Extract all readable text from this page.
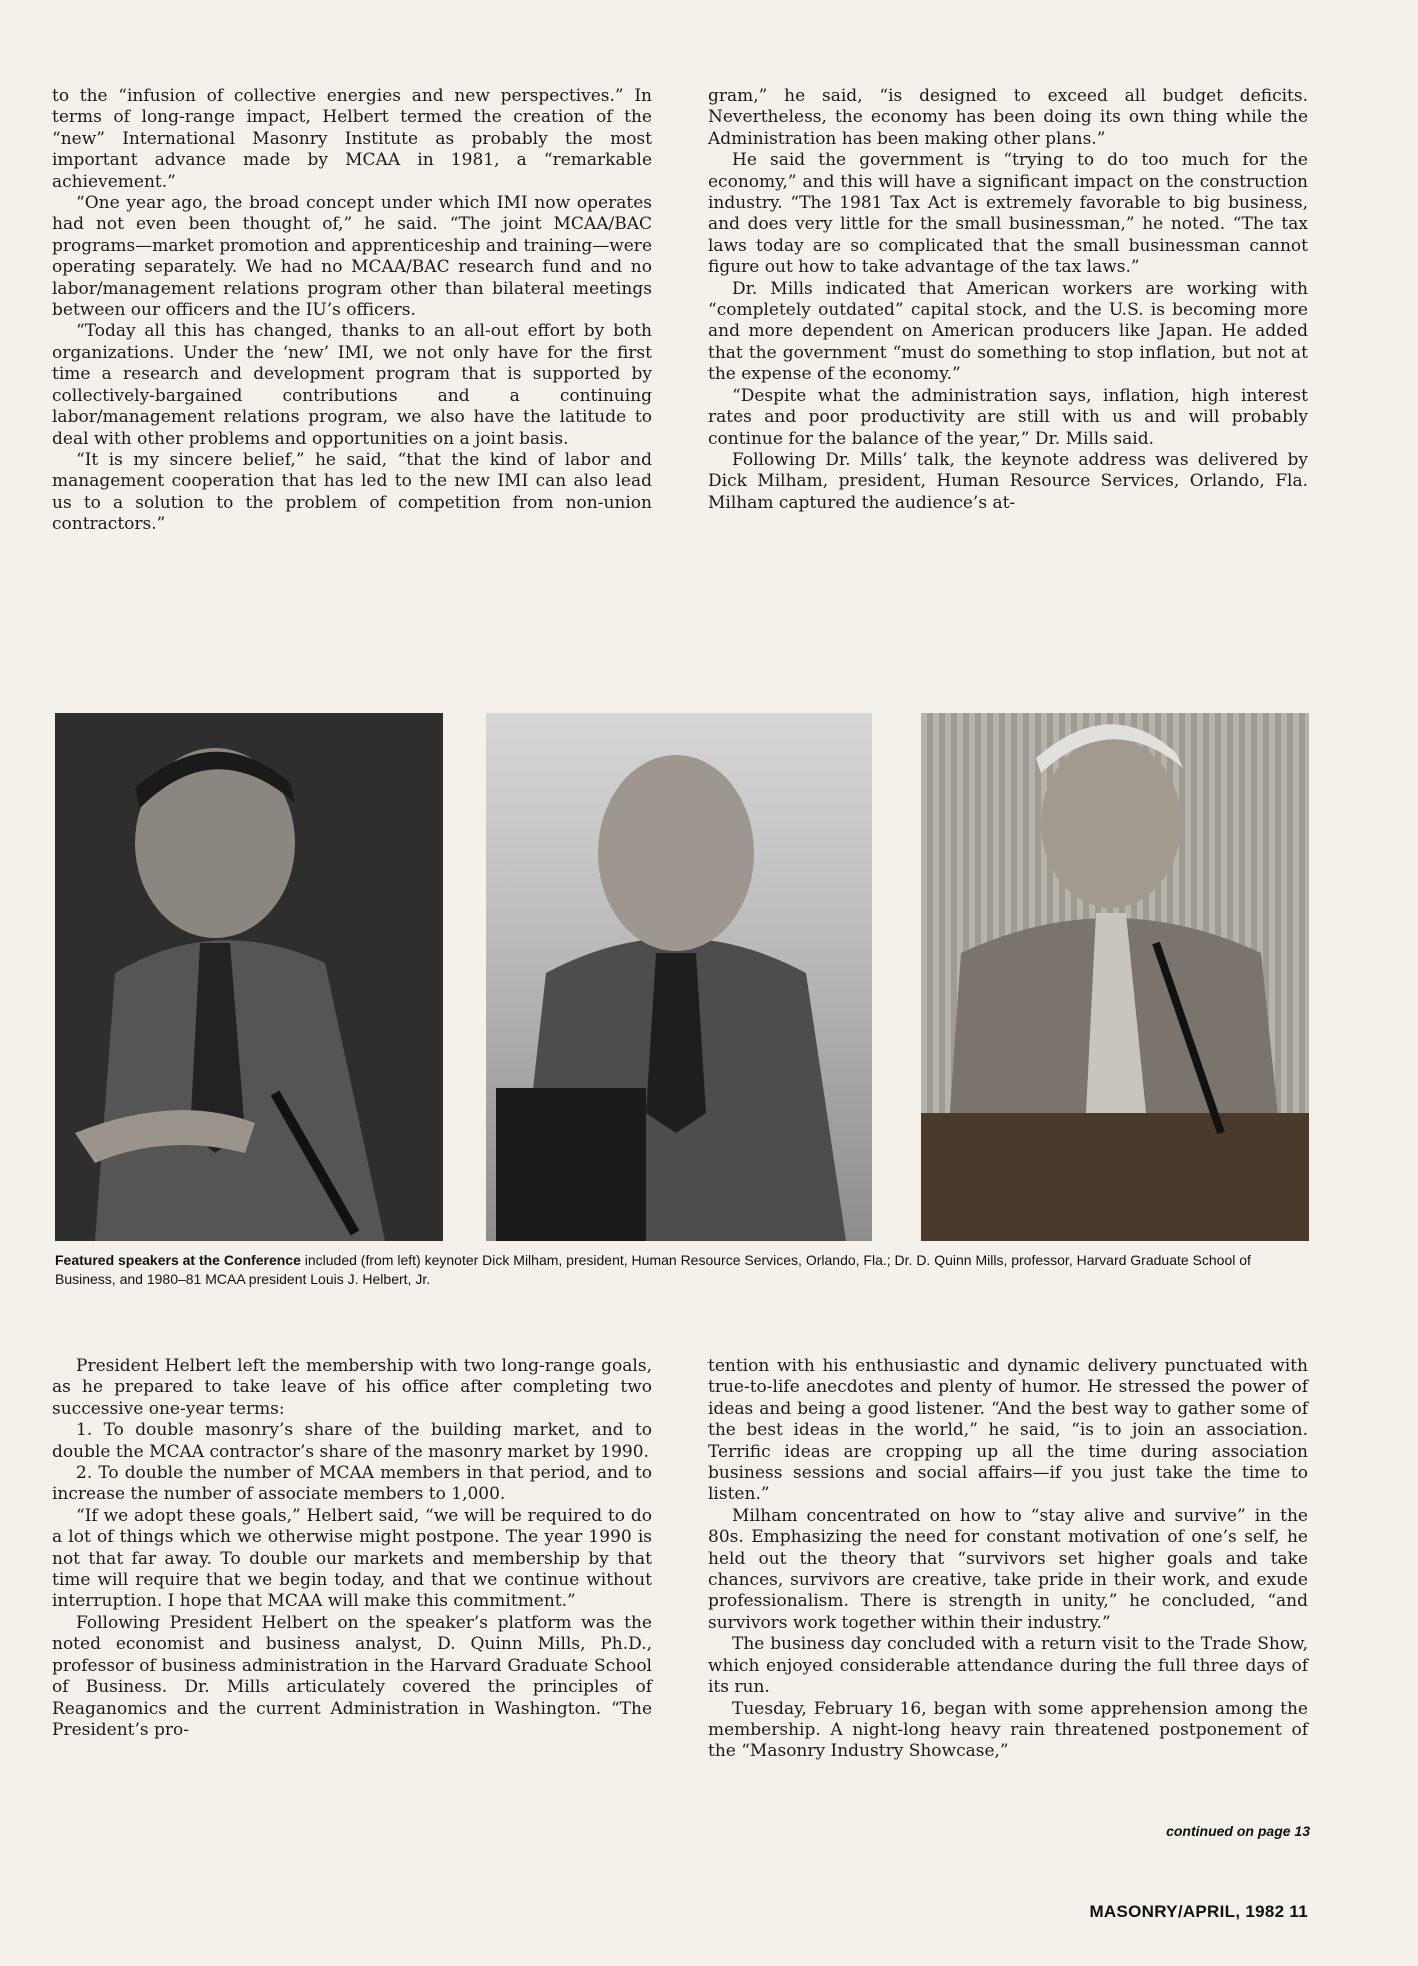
to the “infusion of collective energies and new perspectives.” In terms of long-range impact, Helbert termed the creation of the “new” International Masonry Institute as probably the most important advance made by MCAA in 1981, a “remarkable achievement.”

“One year ago, the broad concept under which IMI now operates had not even been thought of,” he said. “The joint MCAA/BAC programs—market promotion and apprenticeship and training—were operating separately. We had no MCAA/BAC research fund and no labor/management relations program other than bilateral meetings between our officers and the IU’s officers.

“Today all this has changed, thanks to an all-out effort by both organizations. Under the ‘new’ IMI, we not only have for the first time a research and development program that is supported by collectively-bargained contributions and a continuing labor/management relations program, we also have the latitude to deal with other problems and opportunities on a joint basis.

“It is my sincere belief,” he said, “that the kind of labor and management cooperation that has led to the new IMI can also lead us to a solution to the problem of competition from non-union contractors.”

gram,” he said, “is designed to exceed all budget deficits. Nevertheless, the economy has been doing its own thing while the Administration has been making other plans.”

He said the government is “trying to do too much for the economy,” and this will have a significant impact on the construction industry. “The 1981 Tax Act is extremely favorable to big business, and does very little for the small businessman,” he noted. “The tax laws today are so complicated that the small businessman cannot figure out how to take advantage of the tax laws.”

Dr. Mills indicated that American workers are working with “completely outdated” capital stock, and the U.S. is becoming more and more dependent on American producers like Japan. He added that the government “must do something to stop inflation, but not at the expense of the economy.”

“Despite what the administration says, inflation, high interest rates and poor productivity are still with us and will probably continue for the balance of the year,” Dr. Mills said.

Following Dr. Mills’ talk, the keynote address was delivered by Dick Milham, president, Human Resource Services, Orlando, Fla. Milham captured the audience’s at-

Featured speakers at the Conference included (from left) keynoter Dick Milham, president, Human Resource Services, Orlando, Fla.; Dr. D. Quinn Mills, professor, Harvard Graduate School of Business, and 1980–81 MCAA president Louis J. Helbert, Jr.

President Helbert left the membership with two long-range goals, as he prepared to take leave of his office after completing two successive one-year terms:

1. To double masonry’s share of the building market, and to double the MCAA contractor’s share of the masonry market by 1990.

2. To double the number of MCAA members in that period, and to increase the number of associate members to 1,000.

“If we adopt these goals,” Helbert said, “we will be required to do a lot of things which we otherwise might postpone. The year 1990 is not that far away. To double our markets and membership by that time will require that we begin today, and that we continue without interruption. I hope that MCAA will make this commitment.”

Following President Helbert on the speaker’s platform was the noted economist and business analyst, D. Quinn Mills, Ph.D., professor of business administration in the Harvard Graduate School of Business. Dr. Mills articulately covered the principles of Reaganomics and the current Administration in Washington. “The President’s pro-

tention with his enthusiastic and dynamic delivery punctuated with true-to-life anecdotes and plenty of humor. He stressed the power of ideas and being a good listener. “And the best way to gather some of the best ideas in the world,” he said, “is to join an association. Terrific ideas are cropping up all the time during association business sessions and social affairs—if you just take the time to listen.”

Milham concentrated on how to “stay alive and survive” in the 80s. Emphasizing the need for constant motivation of one’s self, he held out the theory that “survivors set higher goals and take chances, survivors are creative, take pride in their work, and exude professionalism. There is strength in unity,” he concluded, “and survivors work together within their industry.”

The business day concluded with a return visit to the Trade Show, which enjoyed considerable attendance during the full three days of its run.

Tuesday, February 16, began with some apprehension among the membership. A night-long heavy rain threatened postponement of the “Masonry Industry Showcase,”

continued on page 13
MASONRY/APRIL, 1982 11
